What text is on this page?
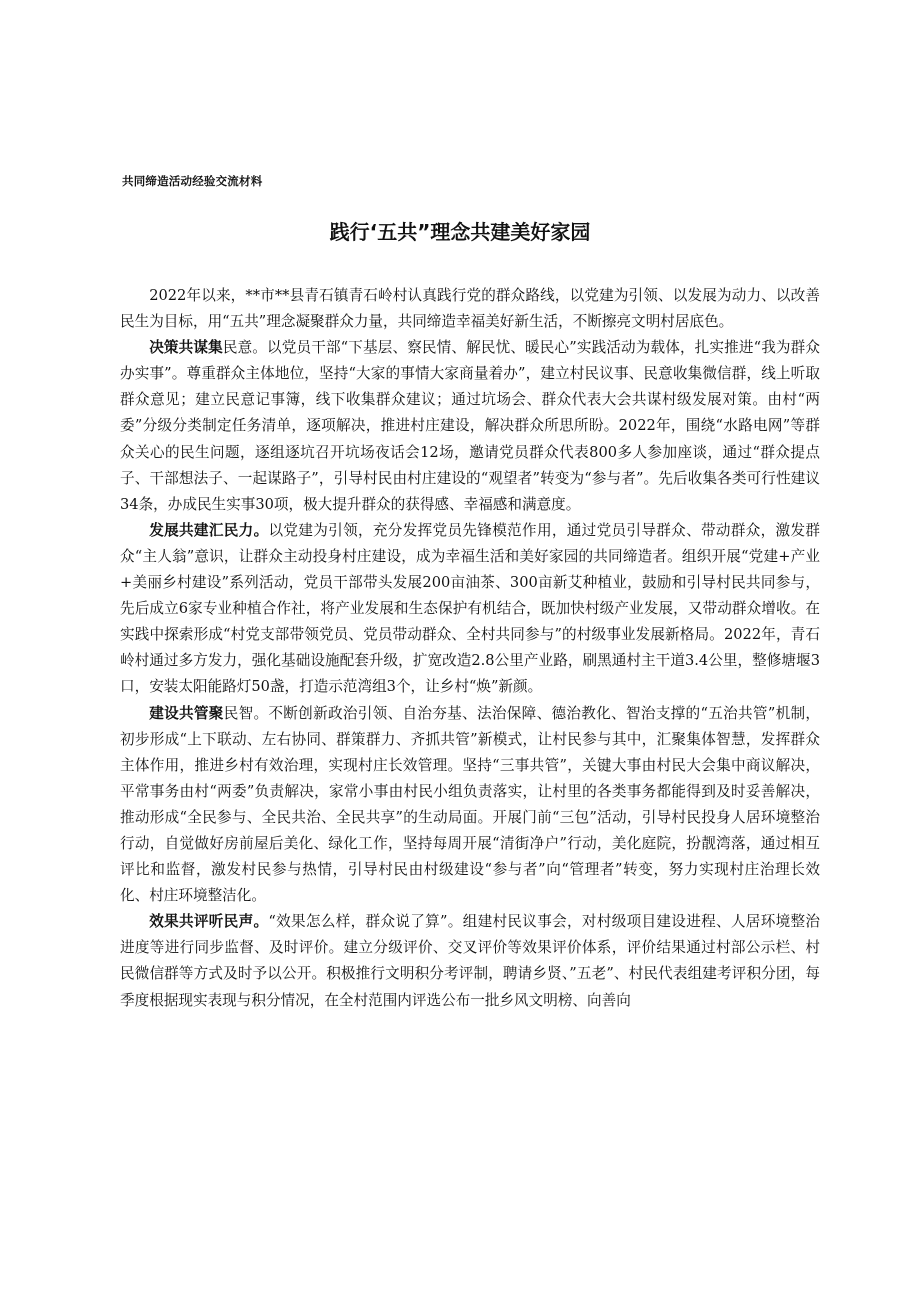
共同缔造活动经验交流材料
践行‘五共”理念共建美好家园

2022年以来，**市**县青石镇青石岭村认真践行党的群众路线，以党建为引领、以发展为动力、以改善民生为目标，用“五共”理念凝聚群众力量，共同缔造幸福美好新生活，不断擦亮文明村居底色。

决策共谋集民意。以党员干部“下基层、察民情、解民忧、暖民心”实践活动为载体，扎实推进“我为群众办实事”。尊重群众主体地位，坚持“大家的事情大家商量着办”，建立村民议事、民意收集微信群，线上听取群众意见；建立民意记事簿，线下收集群众建议；通过坑场会、群众代表大会共谋村级发展对策。由村“两委”分级分类制定任务清单，逐项解决，推进村庄建设，解决群众所思所盼。2022年，围绕“水路电网”等群众关心的民生问题，逐组逐坑召开坑场夜话会12场，邀请党员群众代表800多人参加座谈，通过“群众提点子、干部想法子、一起谋路子”，引导村民由村庄建设的“观望者”转变为“参与者”。先后收集各类可行性建议34条，办成民生实事30项，极大提升群众的获得感、幸福感和满意度。

发展共建汇民力。以党建为引领，充分发挥党员先锋模范作用，通过党员引导群众、带动群众，激发群众“主人翁”意识，让群众主动投身村庄建设，成为幸福生活和美好家园的共同缔造者。组织开展“党建+产业+美丽乡村建设”系列活动，党员干部带头发展200亩油茶、300亩新艾种植业，鼓励和引导村民共同参与，先后成立6家专业种植合作社，将产业发展和生态保护有机结合，既加快村级产业发展，又带动群众增收。在实践中探索形成“村党支部带领党员、党员带动群众、全村共同参与”的村级事业发展新格局。2022年，青石岭村通过多方发力，强化基础设施配套升级，扩宽改造2.8公里产业路，刷黑通村主干道3.4公里，整修塘堰3口，安装太阳能路灯50盏，打造示范湾组3个，让乡村“焕”新颜。

建设共管聚民智。不断创新政治引领、自治夯基、法治保障、德治教化、智治支撑的“五治共管”机制，初步形成“上下联动、左右协同、群策群力、齐抓共管”新模式，让村民参与其中，汇聚集体智慧，发挥群众主体作用，推进乡村有效治理，实现村庄长效管理。坚持“三事共管”，关键大事由村民大会集中商议解决，平常事务由村“两委”负责解决，家常小事由村民小组负责落实，让村里的各类事务都能得到及时妥善解决，推动形成“全民参与、全民共治、全民共享”的生动局面。开展门前“三包”活动，引导村民投身人居环境整治行动，自觉做好房前屋后美化、绿化工作，坚持每周开展“清街净户”行动，美化庭院，扮靓湾落，通过相互评比和监督，激发村民参与热情，引导村民由村级建设“参与者”向“管理者”转变，努力实现村庄治理长效化、村庄环境整洁化。

效果共评听民声。“效果怎么样，群众说了算”。组建村民议事会，对村级项目建设进程、人居环境整治进度等进行同步监督、及时评价。建立分级评价、交叉评价等效果评价体系，评价结果通过村部公示栏、村民微信群等方式及时予以公开。积极推行文明积分考评制，聘请乡贤、”五老”、村民代表组建考评积分团，每季度根据现实表现与积分情况，在全村范围内评选公布一批乡风文明榜、向善向
